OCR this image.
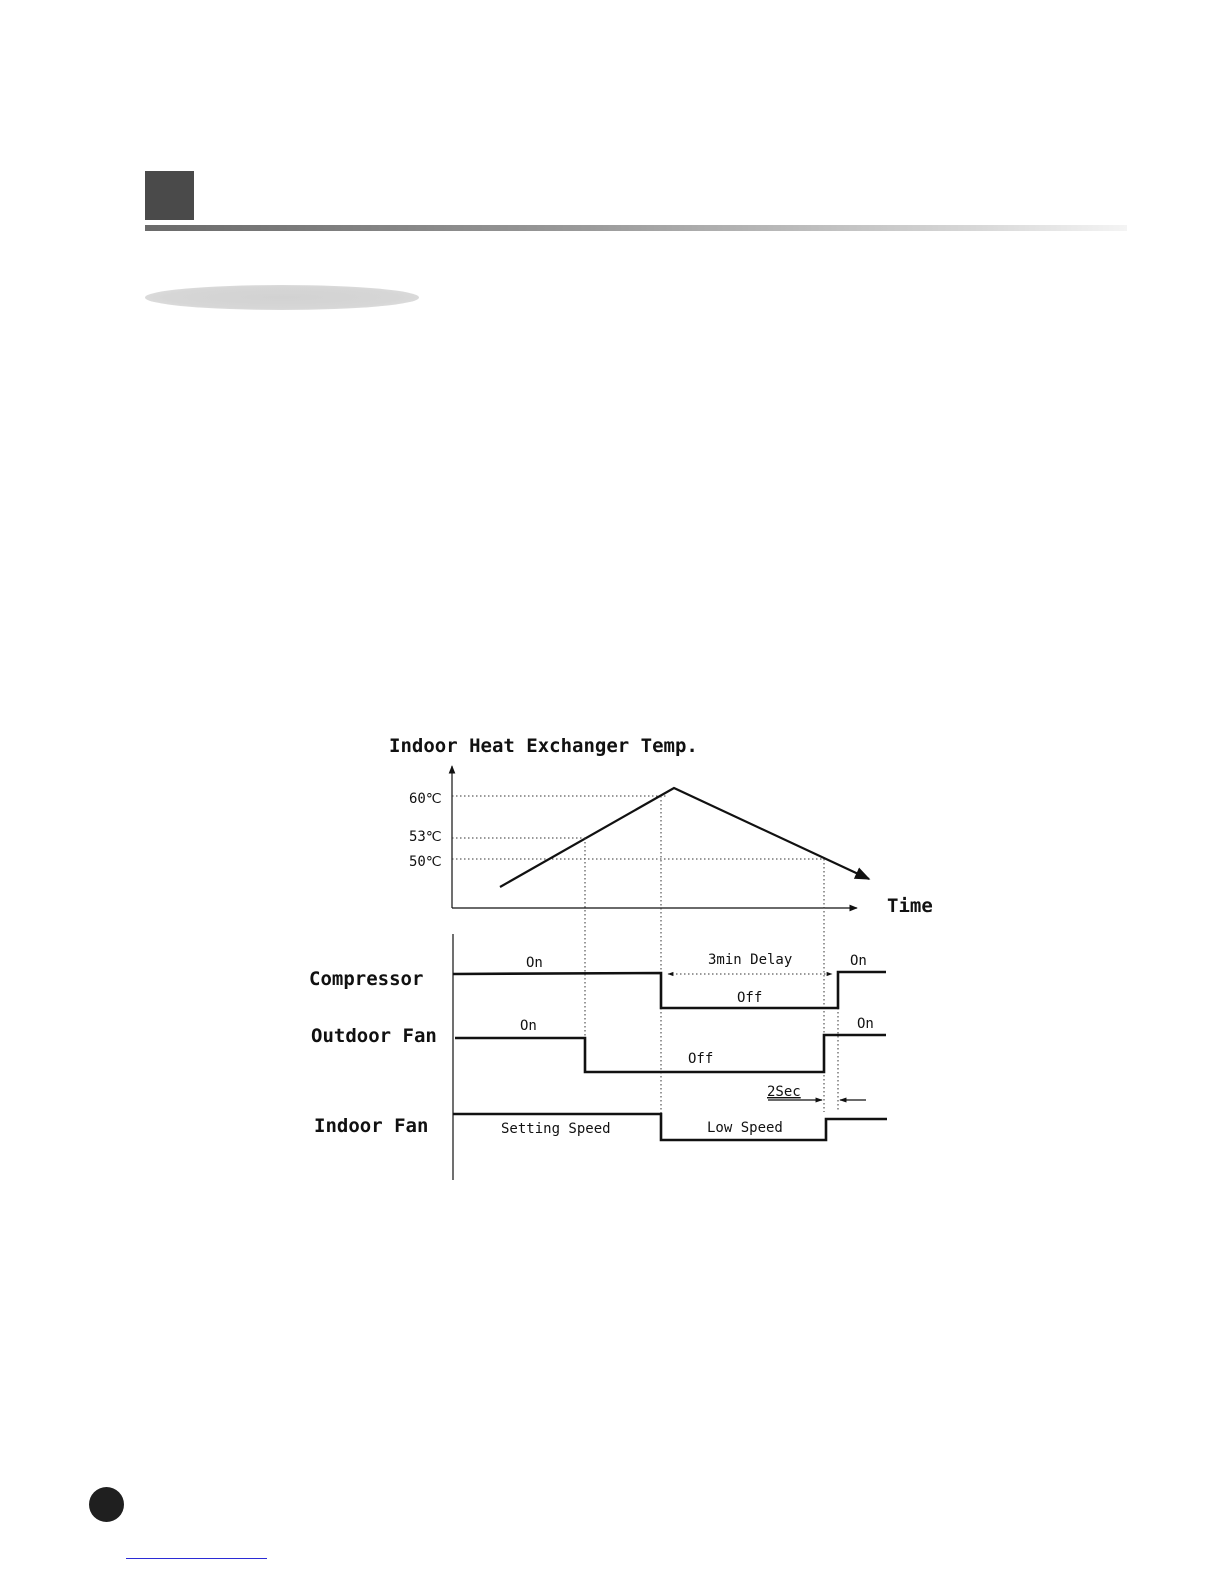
Indoor Heat Exchanger Temp.
Time
60℃
53℃
50℃
Compressor
On	3min Delay
Off
On
Outdoor Fan	On
Off
On
2Sec
Indoor Fan	Setting Speed	Low Speed
